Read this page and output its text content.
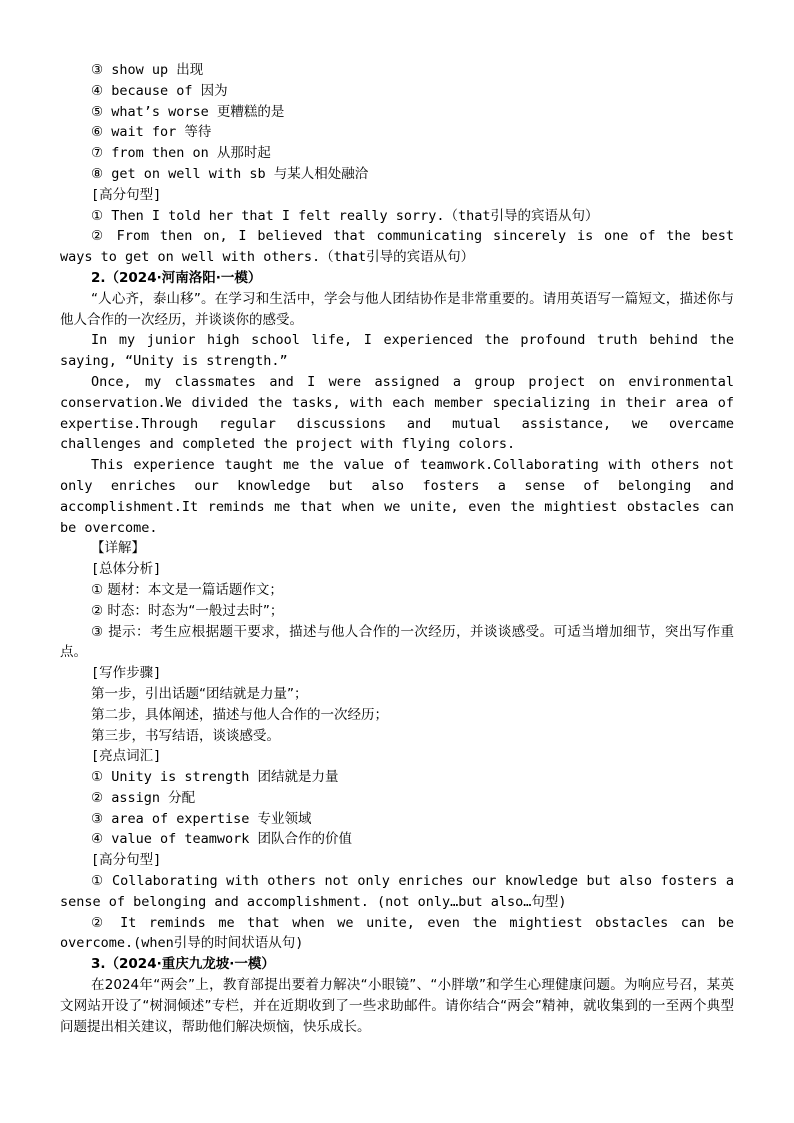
③ show up 出现

④ because of 因为

⑤ what’s worse 更糟糕的是

⑥ wait for 等待

⑦ from then on 从那时起

⑧ get on well with sb 与某人相处融洽

[高分句型]

① Then I told her that I felt really sorry.（that引导的宾语从句）

② From then on, I believed that communicating sincerely is one of the best ways to get on well with others.（that引导的宾语从句）

2.（2024·河南洛阳·一模）

“人心齐，泰山移”。在学习和生活中，学会与他人团结协作是非常重要的。请用英语写一篇短文，描述你与他人合作的一次经历，并谈谈你的感受。

In my junior high school life, I experienced the profound truth behind the saying, “Unity is strength.”

Once, my classmates and I were assigned a group project on environmental conservation.We divided the tasks, with each member specializing in their area of expertise.Through regular discussions and mutual assistance, we overcame challenges and completed the project with flying colors.

This experience taught me the value of teamwork.Collaborating with others not only enriches our knowledge but also fosters a sense of belonging and accomplishment.It reminds me that when we unite, even the mightiest obstacles can be overcome.

【详解】

[总体分析]

① 题材：本文是一篇话题作文；

② 时态：时态为“一般过去时”；

③ 提示：考生应根据题干要求，描述与他人合作的一次经历，并谈谈感受。可适当增加细节，突出写作重点。

[写作步骤]

第一步，引出话题“团结就是力量”；

第二步，具体阐述，描述与他人合作的一次经历；

第三步，书写结语，谈谈感受。

[亮点词汇]

① Unity is strength 团结就是力量

② assign 分配

③ area of expertise 专业领域

④ value of teamwork 团队合作的价值

[高分句型]

① Collaborating with others not only enriches our knowledge but also fosters a sense of belonging and accomplishment. (not only…but also…句型)

② It reminds me that when we unite, even the mightiest obstacles can be overcome.(when引导的时间状语从句)

3.（2024·重庆九龙坡·一模）

在2024年“两会”上，教育部提出要着力解决“小眼镜”、“小胖墩”和学生心理健康问题。为响应号召，某英文网站开设了“树洞倾述”专栏，并在近期收到了一些求助邮件。请你结合“两会”精神，就收集到的一至两个典型问题提出相关建议，帮助他们解决烦恼，快乐成长。
